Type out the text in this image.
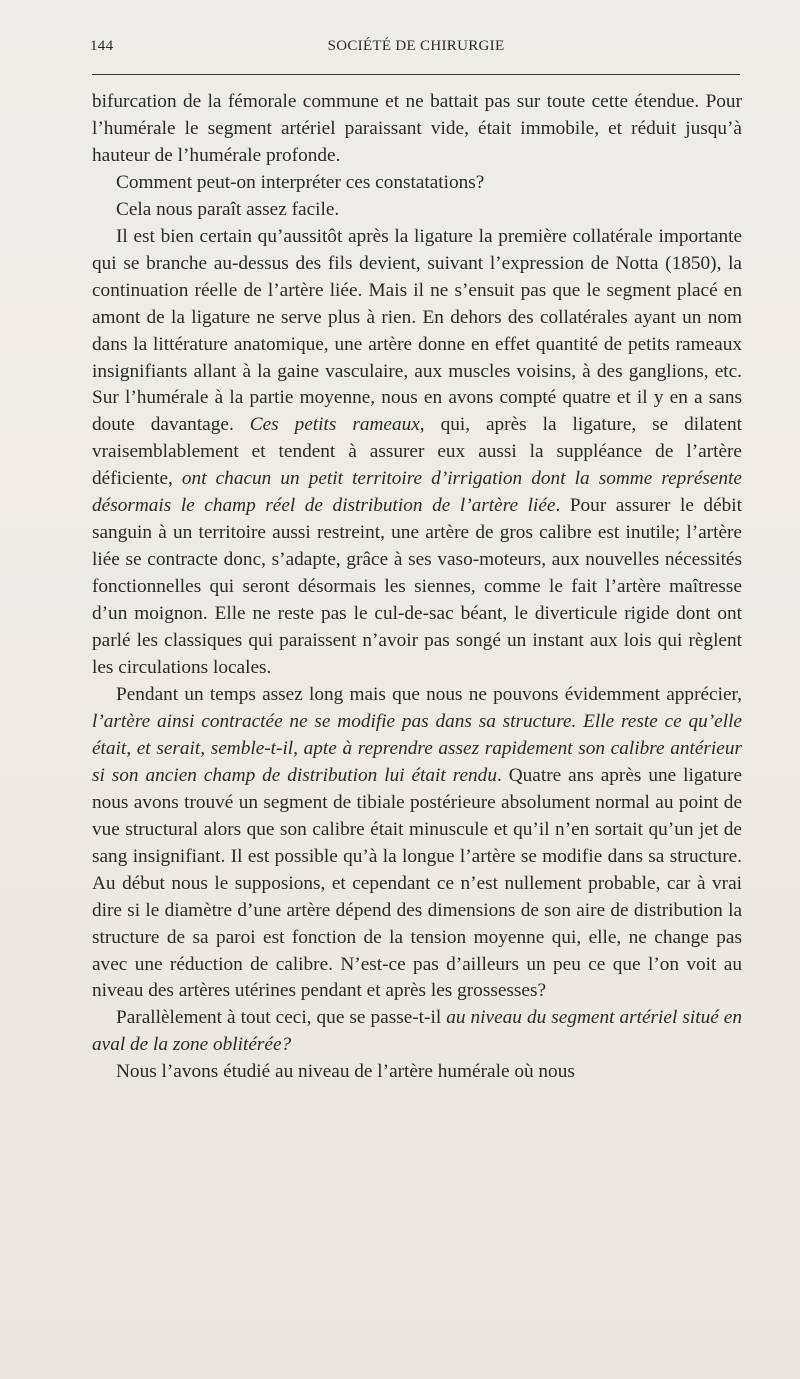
144	SOCIÉTÉ DE CHIRURGIE

bifurcation de la fémorale commune et ne battait pas sur toute cette étendue. Pour l’humérale le segment artériel paraissant vide, était immobile, et réduit jusqu’à hauteur de l’humérale profonde.

Comment peut-on interpréter ces constatations?

Cela nous paraît assez facile.

Il est bien certain qu’aussitôt après la ligature la première collatérale importante qui se branche au-dessus des fils devient, suivant l’expression de Notta (1850), la continuation réelle de l’artère liée. Mais il ne s’ensuit pas que le segment placé en amont de la ligature ne serve plus à rien. En dehors des collatérales ayant un nom dans la littérature anatomique, une artère donne en effet quantité de petits rameaux insignifiants allant à la gaine vasculaire, aux muscles voisins, à des ganglions, etc. Sur l’humérale à la partie moyenne, nous en avons compté quatre et il y en a sans doute davantage. Ces petits rameaux, qui, après la ligature, se dilatent vraisemblablement et tendent à assurer eux aussi la suppléance de l’artère déficiente, ont chacun un petit territoire d’irrigation dont la somme représente désormais le champ réel de distribution de l’artère liée. Pour assurer le débit sanguin à un territoire aussi restreint, une artère de gros calibre est inutile; l’artère liée se contracte donc, s’adapte, grâce à ses vaso-moteurs, aux nouvelles nécessités fonctionnelles qui seront désormais les siennes, comme le fait l’artère maîtresse d’un moignon. Elle ne reste pas le cul-de-sac béant, le diverticule rigide dont ont parlé les classiques qui paraissent n’avoir pas songé un instant aux lois qui règlent les circulations locales.

Pendant un temps assez long mais que nous ne pouvons évidemment apprécier, l’artère ainsi contractée ne se modifie pas dans sa structure. Elle reste ce qu’elle était, et serait, semble-t-il, apte à reprendre assez rapidement son calibre antérieur si son ancien champ de distribution lui était rendu. Quatre ans après une ligature nous avons trouvé un segment de tibiale postérieure absolument normal au point de vue structural alors que son calibre était minuscule et qu’il n’en sortait qu’un jet de sang insignifiant. Il est possible qu’à la longue l’artère se modifie dans sa structure. Au début nous le supposions, et cependant ce n’est nullement probable, car à vrai dire si le diamètre d’une artère dépend des dimensions de son aire de distribution la structure de sa paroi est fonction de la tension moyenne qui, elle, ne change pas avec une réduction de calibre. N’est-ce pas d’ailleurs un peu ce que l’on voit au niveau des artères utérines pendant et après les grossesses?

Parallèlement à tout ceci, que se passe-t-il au niveau du segment artériel situé en aval de la zone oblitérée?

Nous l’avons étudié au niveau de l’artère humérale où nous
